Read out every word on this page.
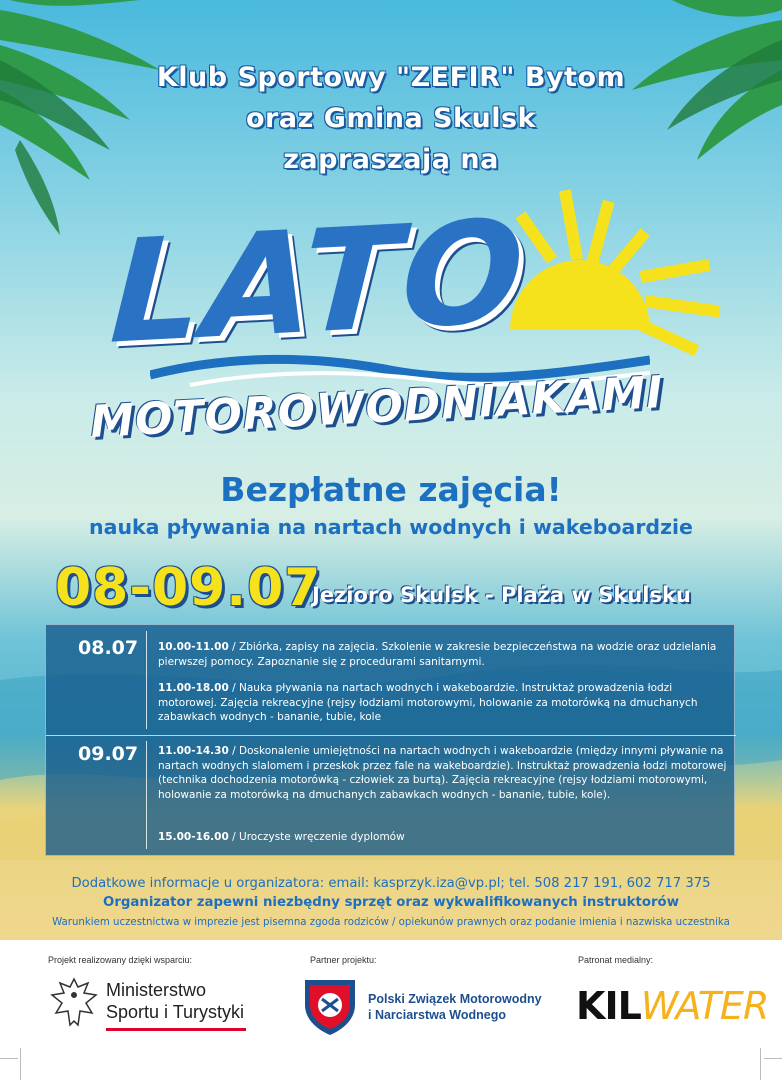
Klub Sportowy "ZEFIR" Bytom
oraz Gmina Skulsk
zapraszają na
LATO
MOTOROWODNIAKAMI
Bezpłatne zajęcia!
nauka pływania na nartach wodnych i wakeboardzie
08-09.07
Jezioro Skulsk - Plaża w Skulsku
08.07 10.00-11.00 / Zbiórka, zapisy na zajęcia. Szkolenie w zakresie bezpieczeństwa na wodzie oraz udzielania pierwszej pomocy. Zapoznanie się z procedurami sanitarnymi.
11.00-18.00 / Nauka pływania na nartach wodnych i wakeboardzie. Instruktaż prowadzenia łodzi motorowej. Zajęcia rekreacyjne (rejsy łodziami motorowymi, holowanie za motorówką na dmuchanych zabawkach wodnych - bananie, tubie, kole
09.07 11.00-14.30 / Doskonalenie umiejętności na nartach wodnych i wakeboardzie (między innymi pływanie na nartach wodnych slalomem i przeskok przez fale na wakeboardzie). Instruktaż prowadzenia łodzi motorowej (technika dochodzenia motorówką - człowiek za burtą). Zajęcia rekreacyjne (rejsy łodziami motorowymi, holowanie za motorówką na dmuchanych zabawkach wodnych - bananie, tubie, kole).
15.00-16.00 / Uroczyste wręczenie dyplomów
Dodatkowe informacje u organizatora: email: kasprzyk.iza@vp.pl; tel. 508 217 191, 602 717 375
Organizator zapewni niezbędny sprzęt oraz wykwalifikowanych instruktorów
Warunkiem uczestnictwa w imprezie jest pisemna zgoda rodziców / opiekunów prawnych oraz podanie imienia i nazwiska uczestnika
Projekt realizowany dzięki wsparciu:	Partner projektu:	Patronat medialny:
Ministerstwo
Sportu i Turystyki
Polski Związek Motorowodny
i Narciarstwa Wodnego KILWATER
